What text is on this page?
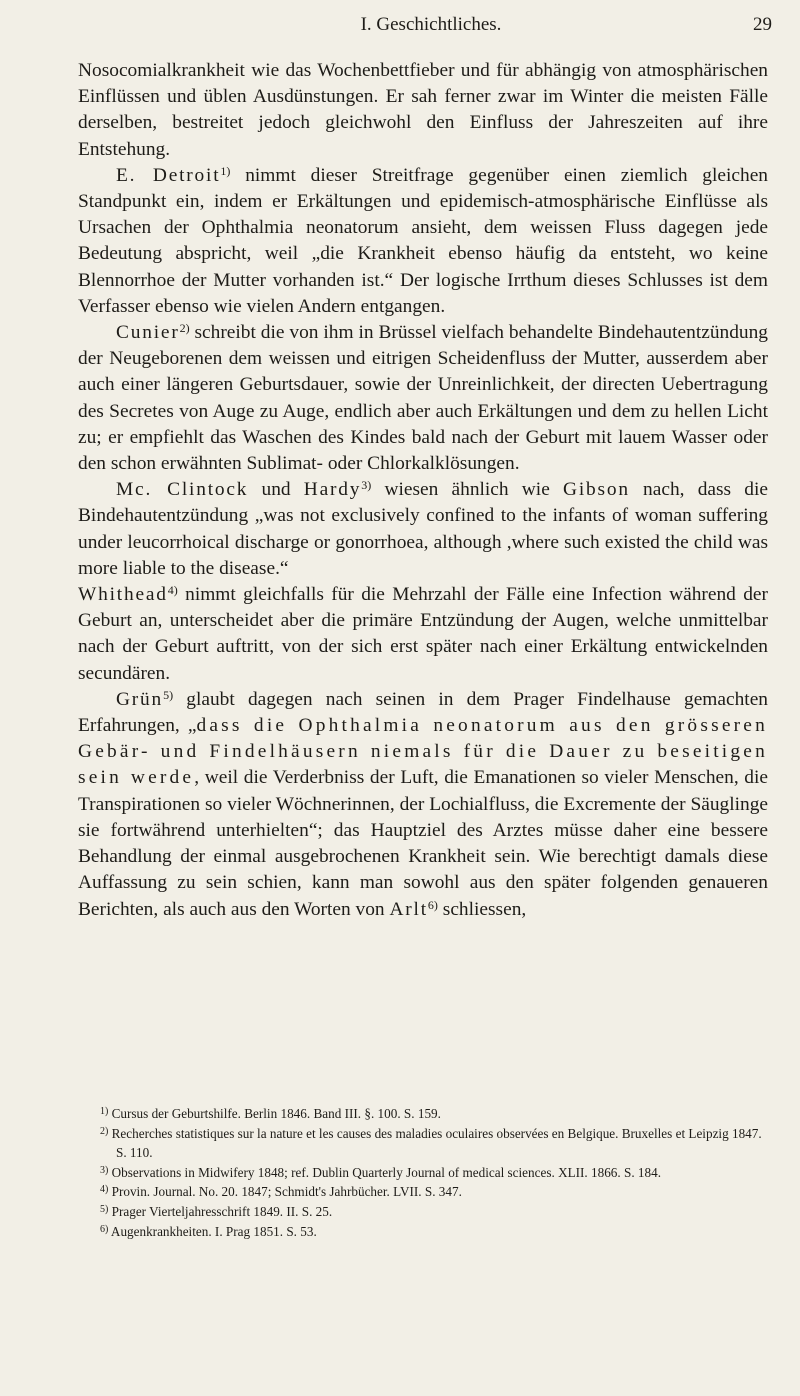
I. Geschichtliches.	29

Nosocomialkrankheit wie das Wochenbettfieber und für abhängig von atmosphärischen Einflüssen und üblen Ausdünstungen. Er sah ferner zwar im Winter die meisten Fälle derselben, bestreitet jedoch gleichwohl den Einfluss der Jahreszeiten auf ihre Entstehung.

E. Detroit$^{1)}$ nimmt dieser Streitfrage gegenüber einen ziemlich gleichen Standpunkt ein, indem er Erkältungen und epidemisch-atmosphärische Einflüsse als Ursachen der Ophthalmia neonatorum ansieht, dem weissen Fluss dagegen jede Bedeutung abspricht, weil „die Krankheit ebenso häufig da entsteht, wo keine Blennorrhoe der Mutter vorhanden ist.“ Der logische Irrthum dieses Schlusses ist dem Verfasser ebenso wie vielen Andern entgangen.

Cunier$^{2)}$ schreibt die von ihm in Brüssel vielfach behandelte Bindehautentzündung der Neugeborenen dem weissen und eitrigen Scheidenfluss der Mutter, ausserdem aber auch einer längeren Geburtsdauer, sowie der Unreinlichkeit, der directen Uebertragung des Secretes von Auge zu Auge, endlich aber auch Erkältungen und dem zu hellen Licht zu; er empfiehlt das Waschen des Kindes bald nach der Geburt mit lauem Wasser oder den schon erwähnten Sublimat- oder Chlorkalklösungen.

Mc. Clintock und Hardy$^{3)}$ wiesen ähnlich wie Gibson nach, dass die Bindehautentzündung „was not exclusively confined to the infants of woman suffering under leucorrhoical discharge or gonorrhoea, although ,where such existed the child was more liable to the disease.“
Whithead$^{4)}$ nimmt gleichfalls für die Mehrzahl der Fälle eine Infection während der Geburt an, unterscheidet aber die primäre Entzündung der Augen, welche unmittelbar nach der Geburt auftritt, von der sich erst später nach einer Erkältung entwickelnden secundären.

Grün$^{5)}$ glaubt dagegen nach seinen in dem Prager Findelhause gemachten Erfahrungen, „dass die Ophthalmia neonatorum aus den grösseren Gebär- und Findelhäusern niemals für die Dauer zu beseitigen sein werde, weil die Verderbniss der Luft, die Emanationen so vieler Menschen, die Transpirationen so vieler Wöchnerinnen, der Lochialfluss, die Excremente der Säuglinge sie fortwährend unterhielten“; das Hauptziel des Arztes müsse daher eine bessere Behandlung der einmal ausgebrochenen Krankheit sein. Wie berechtigt damals diese Auffassung zu sein schien, kann man sowohl aus den später folgenden genaueren Berichten, als auch aus den Worten von Arlt$^{6)}$ schliessen,

$^{1)}$ Cursus der Geburtshilfe. Berlin 1846. Band III. §. 100. S. 159.

$^{2)}$ Recherches statistiques sur la nature et les causes des maladies oculaires observées en Belgique. Bruxelles et Leipzig 1847. S. 110.

$^{3)}$ Observations in Midwifery 1848; ref. Dublin Quarterly Journal of medical sciences. XLII. 1866. S. 184.

$^{4)}$ Provin. Journal. No. 20. 1847; Schmidt's Jahrbücher. LVII. S. 347.

$^{5)}$ Prager Vierteljahresschrift 1849. II. S. 25.

$^{6)}$ Augenkrankheiten. I. Prag 1851. S. 53.
